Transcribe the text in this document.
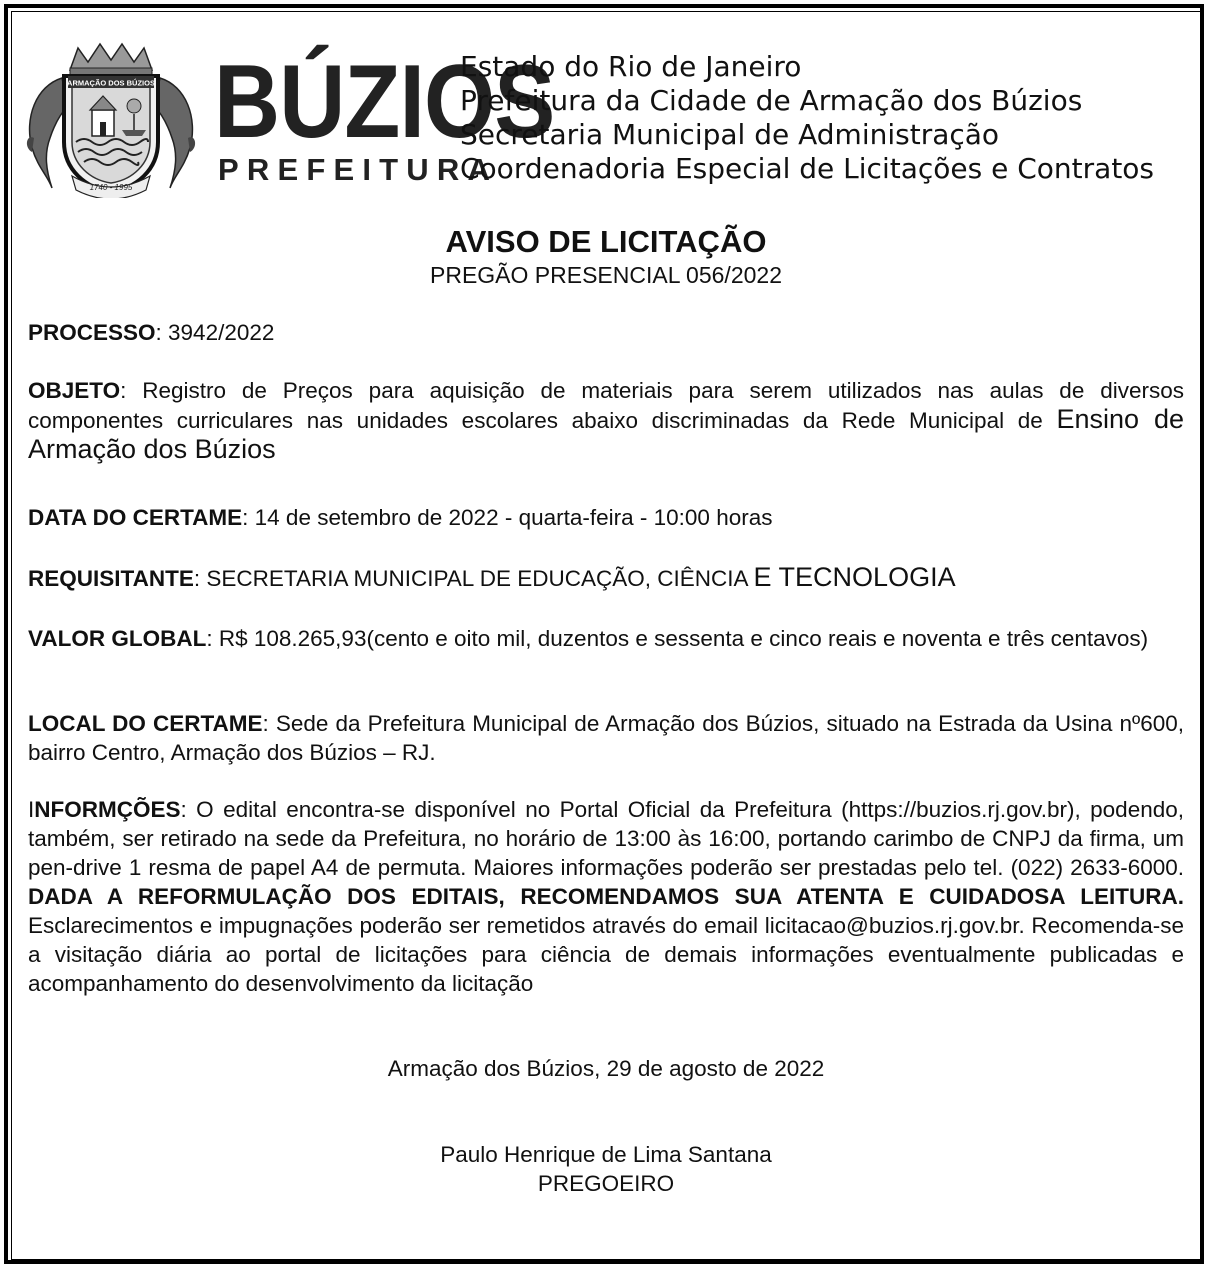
ARMAÇÃO DOS BÚZIOS
1740 - 1995
BÚZIOS
PREFEITURA
Estado do Rio de Janeiro
Prefeitura da Cidade de Armação dos Búzios
Secretaria Municipal de Administração
Coordenadoria Especial de Licitações e Contratos
AVISO DE LICITAÇÃO
PREGÃO PRESENCIAL 056/2022
PROCESSO: 3942/2022
OBJETO: Registro de Preços para aquisição de materiais para serem utilizados nas aulas de diversos componentes curriculares nas unidades escolares abaixo discriminadas da Rede Municipal de Ensino de Armação dos Búzios
DATA DO CERTAME: 14 de setembro de 2022 - quarta-feira - 10:00 horas
REQUISITANTE: SECRETARIA MUNICIPAL DE EDUCAÇÃO, CIÊNCIA E TECNOLOGIA
VALOR GLOBAL: R$ 108.265,93(cento e oito mil, duzentos e sessenta e cinco reais e noventa e três centavos)
LOCAL DO CERTAME: Sede da Prefeitura Municipal de Armação dos Búzios, situado na Estrada da Usina nº600, bairro Centro, Armação dos Búzios – RJ.
INFORMÇÕES: O edital encontra-se disponível no Portal Oficial da Prefeitura (https://buzios.rj.gov.br), podendo, também, ser retirado na sede da Prefeitura, no horário de 13:00 às 16:00, portando carimbo de CNPJ da firma, um pen-drive 1 resma de papel A4 de permuta. Maiores informações poderão ser prestadas pelo tel. (022) 2633-6000. DADA A REFORMULAÇÃO DOS EDITAIS, RECOMENDAMOS SUA ATENTA E CUIDADOSA LEITURA. Esclarecimentos e impugnações poderão ser remetidos através do email licitacao@buzios.rj.gov.br. Recomenda-se a visitação diária ao portal de licitações para ciência de demais informações eventualmente publicadas e acompanhamento do desenvolvimento da licitação
Armação dos Búzios, 29 de agosto de 2022
Paulo Henrique de Lima Santana
PREGOEIRO
